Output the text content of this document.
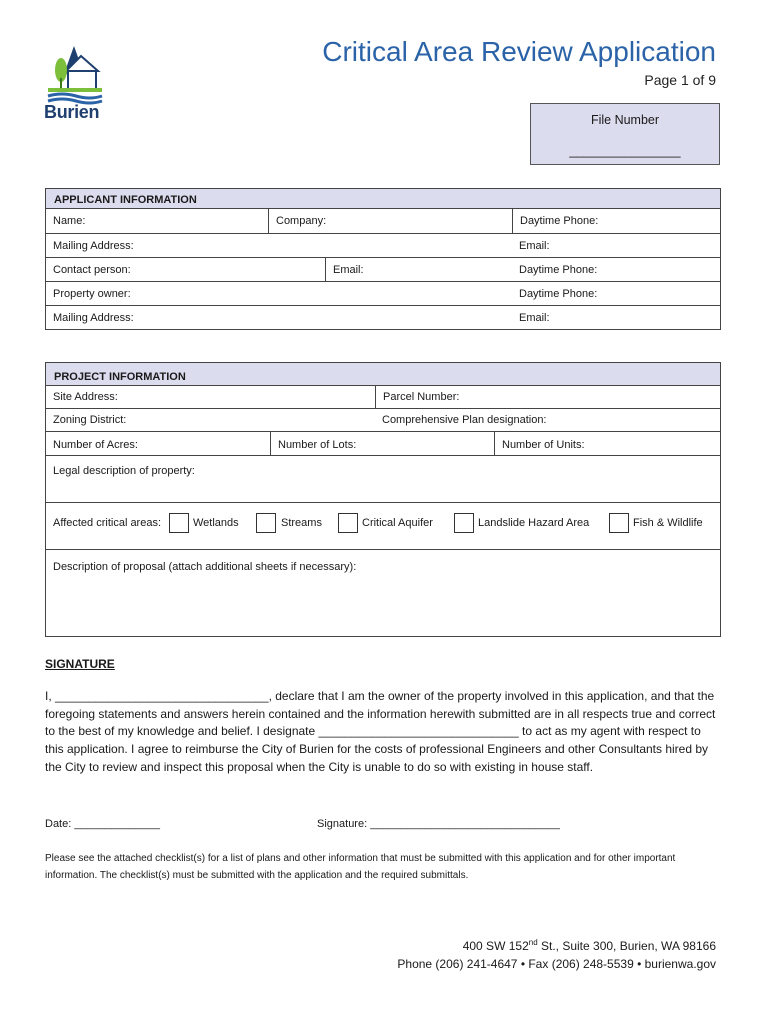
Burien
Critical Area Review Application
Page 1 of 9
File Number
________________
APPLICANT INFORMATION
Name:	Company:	Daytime Phone:
Mailing Address:	Email:
Contact person:	Email:	Daytime Phone:
Property owner:	Daytime Phone:
Mailing Address:	Email:
PROJECT INFORMATION
Site Address:	Parcel Number:
Zoning District:	Comprehensive Plan designation:
Number of Acres:	Number of Lots:	Number of Units:
Legal description of property:
Affected critical areas:	Wetlands	Streams	Critical Aquifer	Landslide Hazard Area	Fish & Wildlife
Description of proposal (attach additional sheets if necessary):
SIGNATURE
I, ________________________________, declare that I am the owner of the property involved in this application, and that the foregoing statements and answers herein contained and the information herewith submitted are in all respects true and correct to the best of my knowledge and belief. I designate ______________________________ to act as my agent with respect to this application. I agree to reimburse the City of Burien for the costs of professional Engineers and other Consultants hired by the City to review and inspect this proposal when the City is unable to do so with existing in house staff.
Date: ______________	Signature: _______________________________
Please see the attached checklist(s) for a list of plans and other information that must be submitted with this application and for other important information. The checklist(s) must be submitted with the application and the required submittals.
400 SW 152nd St., Suite 300, Burien, WA 98166
Phone (206) 241-4647 • Fax (206) 248-5539 • burienwa.gov
